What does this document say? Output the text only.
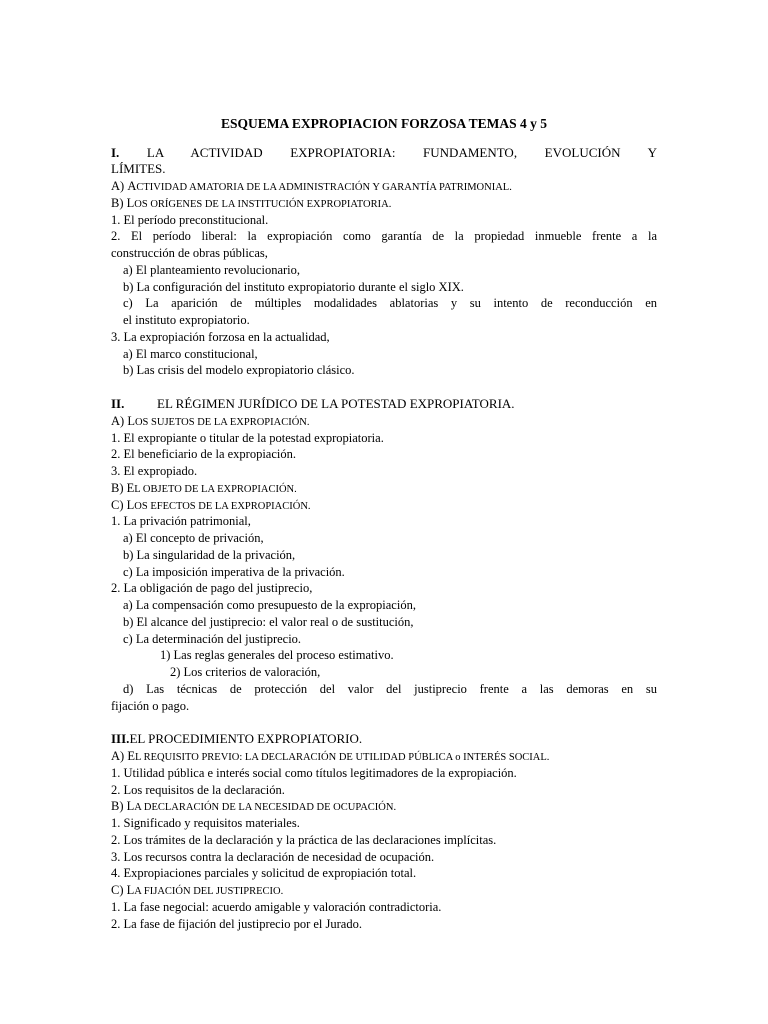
ESQUEMA EXPROPIACION FORZOSA TEMAS 4 y 5
I. LA ACTIVIDAD EXPROPIATORIA: FUNDAMENTO, EVOLUCIÓN Y
LÍMITES.
A) ACTIVIDAD AMATORIA DE LA ADMINISTRACIÓN Y GARANTÍA PATRIMONIAL.
B) LOS ORÍGENES DE LA INSTITUCIÓN EXPROPIATORIA.
1. El período preconstitucional.
2. El período liberal: la expropiación como garantía de la propiedad inmueble frente a la
construcción de obras públicas,
a) El planteamiento revolucionario,
b) La configuración del instituto expropiatorio durante el siglo XIX.
c) La aparición de múltiples modalidades ablatorias y su intento de reconducción en
el instituto expropiatorio.
3. La expropiación forzosa en la actualidad,
a) El marco constitucional,
b) Las crisis del modelo expropiatorio clásico.
II.	EL RÉGIMEN JURÍDICO DE LA POTESTAD EXPROPIATORIA.
A) LOS SUJETOS DE LA EXPROPIACIÓN.
1. El expropiante o titular de la potestad expropiatoria.
2. El beneficiario de la expropiación.
3. El expropiado.
B) EL OBJETO DE LA EXPROPIACIÓN.
C) LOS EFECTOS DE LA EXPROPIACIÓN.
1. La privación patrimonial,
a) El concepto de privación,
b) La singularidad de la privación,
c) La imposición imperativa de la privación.
2. La obligación de pago del justiprecio,
a) La compensación como presupuesto de la expropiación,
b) El alcance del justiprecio: el valor real o de sustitución,
c) La determinación del justiprecio.
1) Las reglas generales del proceso estimativo.
2) Los criterios de valoración,
d) Las técnicas de protección del valor del justiprecio frente a las demoras en su
fijación o pago.
III.EL PROCEDIMIENTO EXPROPIATORIO.
A) EL REQUISITO PREVIO: LA DECLARACIÓN DE UTILIDAD PÚBLICA o INTERÉS SOCIAL.
1. Utilidad pública e interés social como títulos legitimadores de la expropiación.
2. Los requisitos de la declaración.
B) LA DECLARACIÓN DE LA NECESIDAD DE OCUPACIÓN.
1. Significado y requisitos materiales.
2. Los trámites de la declaración y la práctica de las declaraciones implícitas.
3. Los recursos contra la declaración de necesidad de ocupación.
4. Expropiaciones parciales y solicitud de expropiación total.
C) LA FIJACIÓN DEL JUSTIPRECIO.
1. La fase negocial: acuerdo amigable y valoración contradictoria.
2. La fase de fijación del justiprecio por el Jurado.
